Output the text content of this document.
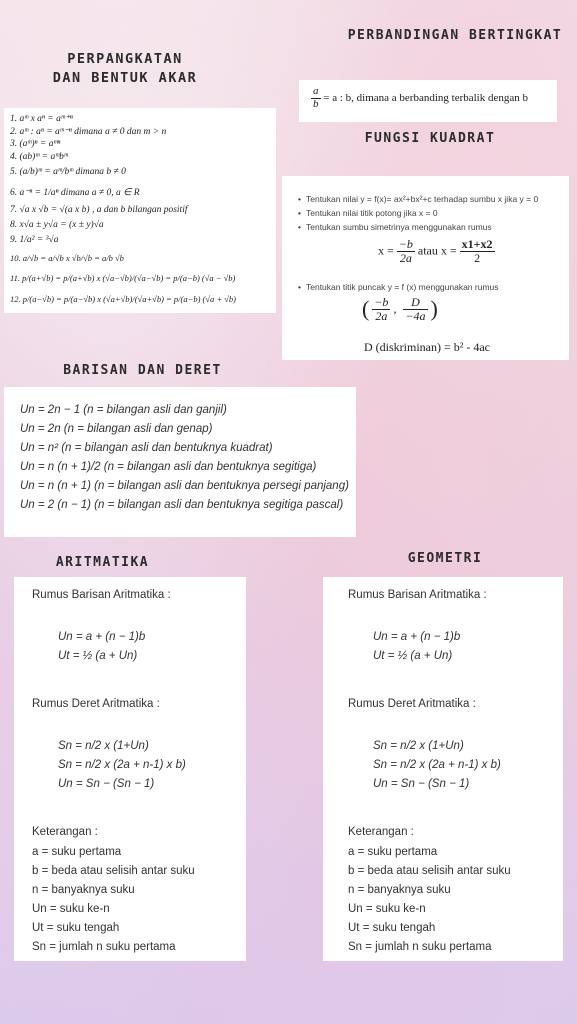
PERBANDINGAN BERTINGKAT
PERPANGKATAN
DAN BENTUK AKAR
FUNGSI KUADRAT
BARISAN DAN DERET
ARITMATIKA	GEOMETRI
$\frac{a}{b} = a$ : b, dimana a berbanding terbalik dengan b
1. aᵐ x aⁿ = aᵐ⁺ⁿ
2. aᵐ : aⁿ = aᵐ⁻ⁿ dimana a ≠ 0 dan m > n
3. (aᵐ)ⁿ = aᵐⁿ
4. (ab)ᵐ = aᵐbᵐ
5. (a/b)ᵐ = aᵐ/bᵐ dimana b ≠ 0
6. a⁻ⁿ = 1/aⁿ dimana a ≠ 0, a ∈ R
7. √a x √b = √(a x b) , a dan b bilangan positif
8. x√a ± y√a = (x ± y)√a
9. 1/a² = ³√a
10. a/√b = a/√b x √b/√b = a/b √b
11. p/(a+√b) = p/(a+√b) x (√a−√b)/(√a−√b) = p/(a−b) (√a − √b)
12. p/(a−√b) = p/(a−√b) x (√a+√b)/(√a+√b) = p/(a−b) (√a + √b)
• Tentukan nilai y = f(x)= ax²+bx²+c terhadap sumbu x jika y = 0
• Tentukan nilai titik potong jika x = 0
• Tentukan sumbu simetrinya menggunakan rumus
$x = \frac{-b}{2a}$ atau $x = \frac{x1+x2}{2}$
• Tentukan titik puncak y = f (x) menggunakan rumus
( $\frac{-b}{2a}$ , $\frac{D}{-4a}$ )
D (diskriminan) = b² - 4ac
Un = 2n − 1 (n = bilangan asli dan ganjil)
Un = 2n (n = bilangan asli dan genap)
Un = n² (n = bilangan asli dan bentuknya kuadrat)
Un = n (n + 1)/2 (n = bilangan asli dan bentuknya segitiga)
Un = n (n + 1) (n = bilangan asli dan bentuknya persegi panjang)
Un = 2 (n − 1) (n = bilangan asli dan bentuknya segitiga pascal)
Rumus Barisan Aritmatika :
Un = a + (n − 1)b
Ut = ½ (a + Un)
Rumus Deret Aritmatika :
Sn = n/2 x (1+Un)
Sn = n/2 x (2a + n-1) x b)
Un = Sn − (Sn − 1)
Keterangan :
a = suku pertama
b = beda atau selisih antar suku
n = banyaknya suku
Un = suku ke-n
Ut = suku tengah
Sn = jumlah n suku pertama
Rumus Barisan Aritmatika :
Un = a + (n − 1)b
Ut = ½ (a + Un)
Rumus Deret Aritmatika :
Sn = n/2 x (1+Un)
Sn = n/2 x (2a + n-1) x b)
Un = Sn − (Sn − 1)
Keterangan :
a = suku pertama
b = beda atau selisih antar suku
n = banyaknya suku
Un = suku ke-n
Ut = suku tengah
Sn = jumlah n suku pertama
